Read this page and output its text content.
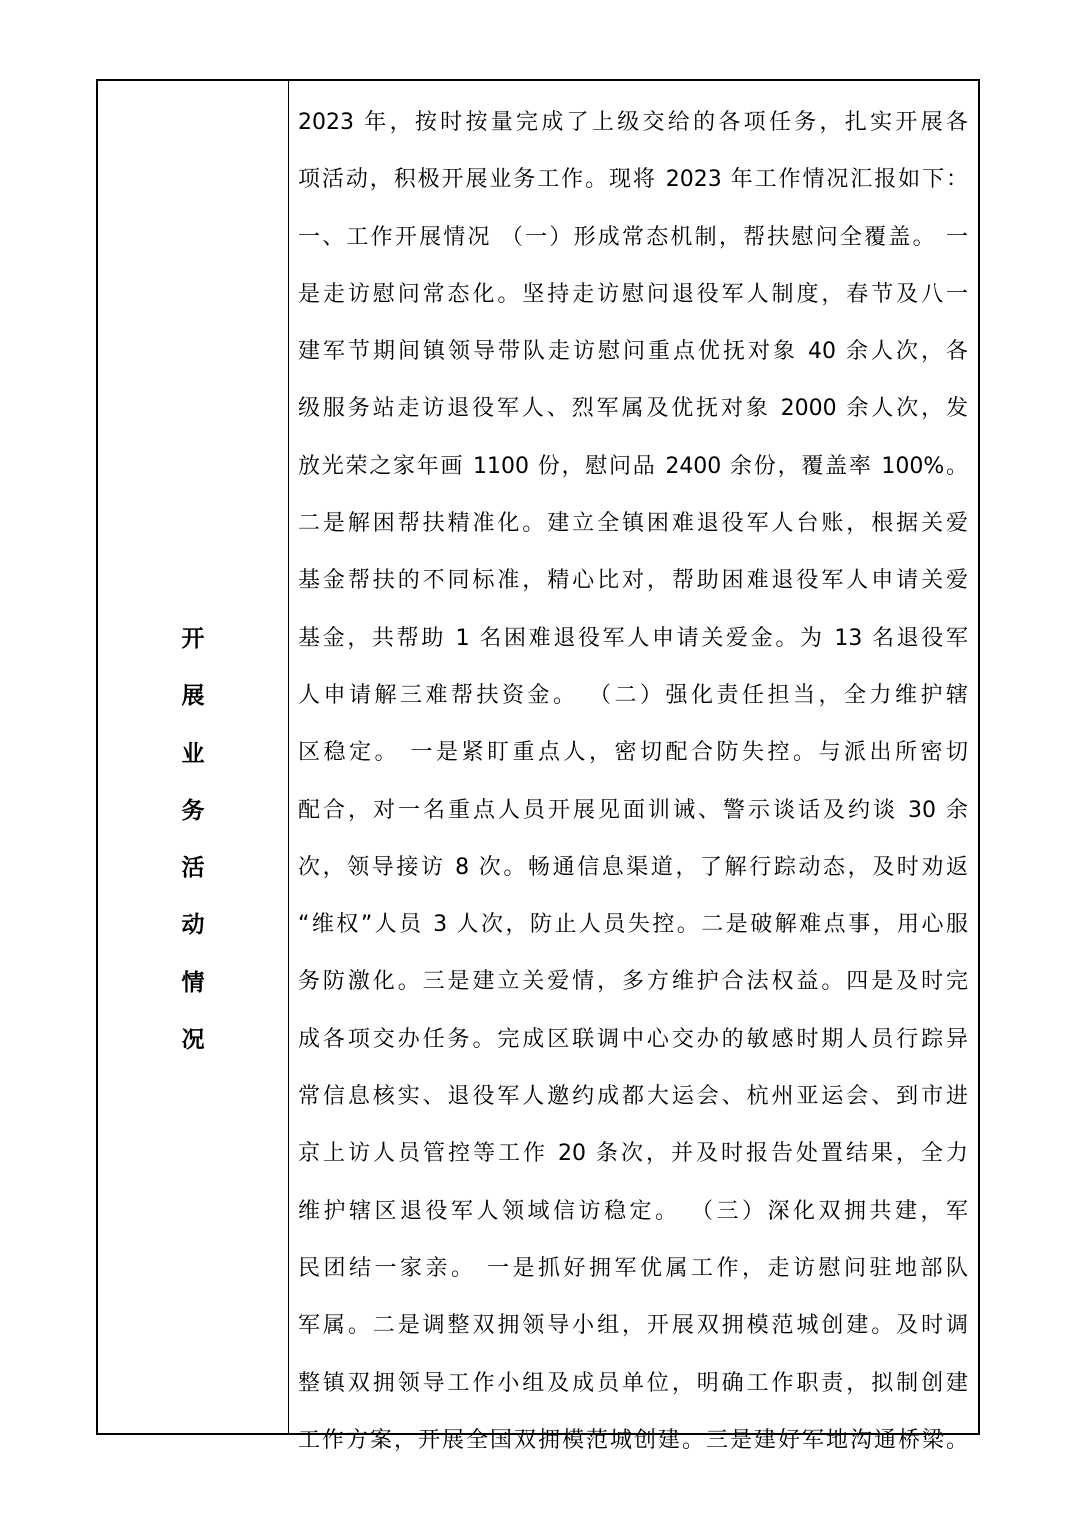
开
展
业
务
活
动
情
况
2023 年，按时按量完成了上级交给的各项任务，扎实开展各
项活动，积极开展业务工作。现将 2023 年工作情况汇报如下：
一、工作开展情况 （一）形成常态机制，帮扶慰问全覆盖。 一
是走访慰问常态化。坚持走访慰问退役军人制度，春节及八一
建军节期间镇领导带队走访慰问重点优抚对象 40 余人次，各
级服务站走访退役军人、烈军属及优抚对象 2000 余人次，发
放光荣之家年画 1100 份，慰问品 2400 余份，覆盖率 100%。
二是解困帮扶精准化。建立全镇困难退役军人台账，根据关爱
基金帮扶的不同标准，精心比对，帮助困难退役军人申请关爱
基金，共帮助 1 名困难退役军人申请关爱金。为 13 名退役军
人申请解三难帮扶资金。 （二）强化责任担当，全力维护辖
区稳定。 一是紧盯重点人，密切配合防失控。与派出所密切
配合，对一名重点人员开展见面训诫、警示谈话及约谈 30 余
次，领导接访 8 次。畅通信息渠道，了解行踪动态，及时劝返
“维权”人员 3 人次，防止人员失控。二是破解难点事，用心服
务防激化。三是建立关爱情，多方维护合法权益。四是及时完
成各项交办任务。完成区联调中心交办的敏感时期人员行踪异
常信息核实、退役军人邀约成都大运会、杭州亚运会、到市进
京上访人员管控等工作 20 条次，并及时报告处置结果，全力
维护辖区退役军人领域信访稳定。 （三）深化双拥共建，军
民团结一家亲。 一是抓好拥军优属工作，走访慰问驻地部队
军属。二是调整双拥领导小组，开展双拥模范城创建。及时调
整镇双拥领导工作小组及成员单位，明确工作职责，拟制创建
工作方案，开展全国双拥模范城创建。三是建好军地沟通桥梁。
